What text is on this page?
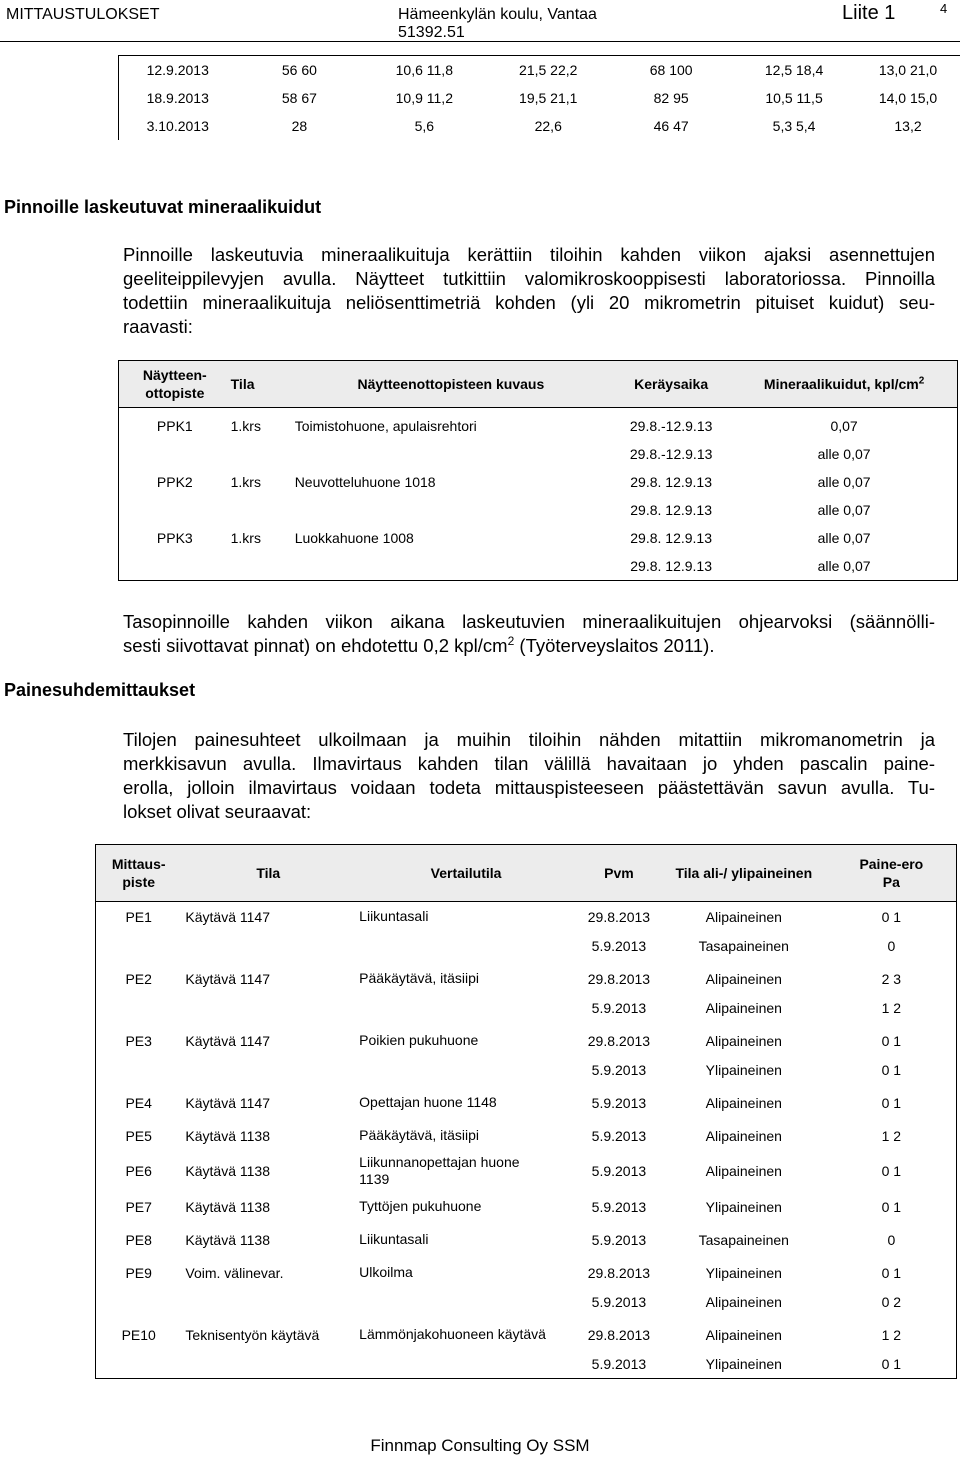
MITTAUSTULOKSET	Hämeenkylän koulu, Vantaa
51392.51
Liite 1	4
12.9.2013	56 60	10,6 11,8	21,5 22,2	68 100	12,5 18,4	13,0 21,0
18.9.2013	58 67	10,9 11,2	19,5 21,1	82 95	10,5 11,5	14,0 15,0
3.10.2013	28	5,6	22,6	46 47	5,3 5,4	13,2
Pinnoille laskeutuvat mineraalikuidut
Pinnoille laskeutuvia mineraalikuituja kerättiin tiloihin kahden viikon ajaksi asennettujen
geeliteippilevyjen avulla. Näytteet tutkittiin valomikroskooppisesti laboratoriossa. Pinnoilla
todettiin mineraalikuituja neliösenttimetriä kohden (yli 20 mikrometrin pituiset kuidut) seu-
raavasti:
Näytteen-
ottopiste	Tila	Näytteenottopisteen kuvaus	Keräysaika	Mineraalikuidut, kpl/$cm^2$
PPK1	1.krs	Toimistohuone, apulaisrehtori	29.8.-12.9.13	0,07
			29.8.-12.9.13	alle 0,07
PPK2	1.krs	Neuvotteluhuone 1018	29.8. 12.9.13	alle 0,07
			29.8. 12.9.13	alle 0,07
PPK3	1.krs	Luokkahuone 1008	29.8. 12.9.13	alle 0,07
			29.8. 12.9.13	alle 0,07
Tasopinnoille kahden viikon aikana laskeutuvien mineraalikuitujen ohjearvoksi (säännölli-
sesti siivottavat pinnat) on ehdotettu 0,2 kpl/$cm^2$ (Työterveyslaitos 2011).
Painesuhdemittaukset
Tilojen painesuhteet ulkoilmaan ja muihin tiloihin nähden mitattiin mikromanometrin ja
merkkisavun avulla. Ilmavirtaus kahden tilan välillä havaitaan jo yhden pascalin paine-
erolla, jolloin ilmavirtaus voidaan todeta mittauspisteeseen päästettävän savun avulla. Tu-
lokset olivat seuraavat:
Mittaus-
piste	Tila	Vertailutila	Pvm	Tila ali-/ ylipaineinen	Paine-ero
Pa
PE1	Käytävä 1147	Liikuntasali	29.8.2013	Alipaineinen	0 1
			5.9.2013	Tasapaineinen	0
PE2	Käytävä 1147	Pääkäytävä, itäsiipi	29.8.2013	Alipaineinen	2 3
			5.9.2013	Alipaineinen	1 2
PE3	Käytävä 1147	Poikien pukuhuone	29.8.2013	Alipaineinen	0 1
			5.9.2013	Ylipaineinen	0 1
PE4	Käytävä 1147	Opettajan huone 1148	5.9.2013	Alipaineinen	0 1
PE5	Käytävä 1138	Pääkäytävä, itäsiipi	5.9.2013	Alipaineinen	1 2
PE6	Käytävä 1138	Liikunnanopettajan huone
1139	5.9.2013	Alipaineinen	0 1
PE7	Käytävä 1138	Tyttöjen pukuhuone	5.9.2013	Ylipaineinen	0 1
PE8	Käytävä 1138	Liikuntasali	5.9.2013	Tasapaineinen	0
PE9	Voim. välinevar.	Ulkoilma	29.8.2013	Ylipaineinen	0 1
			5.9.2013	Alipaineinen	0 2
PE10	Teknisentyön käytävä	Lämmönjakohuoneen käytävä	29.8.2013	Alipaineinen	1 2
			5.9.2013	Ylipaineinen	0 1
Finnmap Consulting Oy SSM
